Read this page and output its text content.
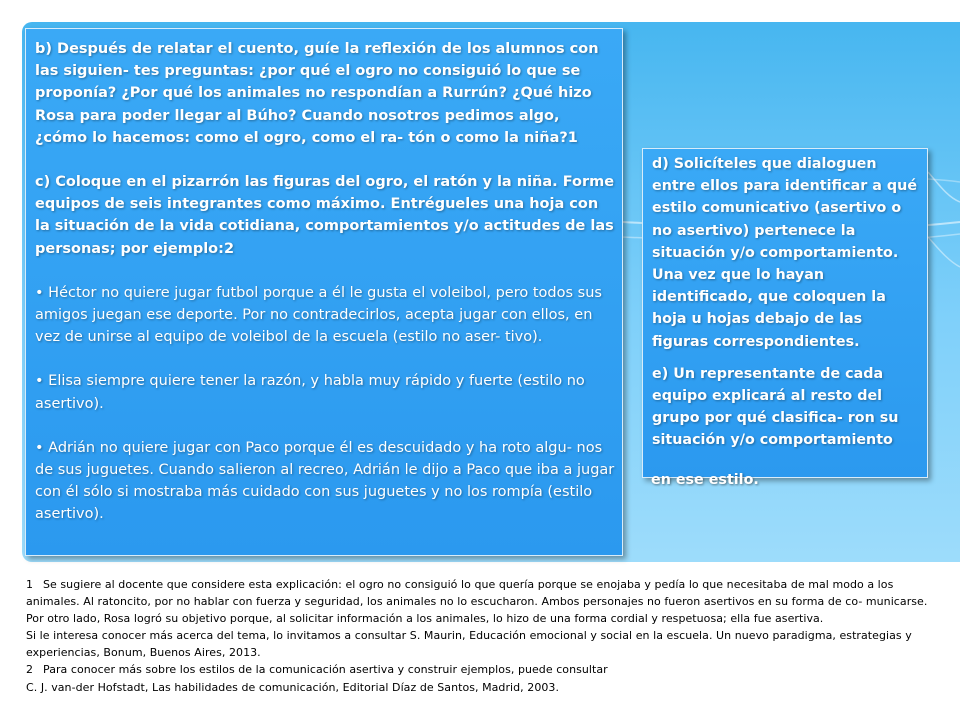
b) Después de relatar el cuento, guíe la reflexión de los alumnos con las siguien- tes preguntas: ¿por qué el ogro no consiguió lo que se proponía? ¿Por qué los animales no respondían a Rurrún? ¿Qué hizo Rosa para poder llegar al Búho? Cuando nosotros pedimos algo, ¿cómo lo hacemos: como el ogro, como el ra- tón o como la niña?1

c) Coloque en el pizarrón las figuras del ogro, el ratón y la niña. Forme equipos de seis integrantes como máximo. Entrégueles una hoja con la situación de la vida cotidiana, comportamientos y/o actitudes de las personas; por ejemplo:2

• Héctor no quiere jugar futbol porque a él le gusta el voleibol, pero todos sus amigos juegan ese deporte. Por no contradecirlos, acepta jugar con ellos, en vez de unirse al equipo de voleibol de la escuela (estilo no aser- tivo).

• Elisa siempre quiere tener la razón, y habla muy rápido y fuerte (estilo no asertivo).

• Adrián no quiere jugar con Paco porque él es descuidado y ha roto algu- nos de sus juguetes. Cuando salieron al recreo, Adrián le dijo a Paco que iba a jugar con él sólo si mostraba más cuidado con sus juguetes y no los rompía (estilo asertivo).

d) Solicíteles que dialoguen entre ellos para identificar a qué estilo comunicativo (asertivo o no asertivo) pertenece la situación y/o comportamiento. Una vez que lo hayan identificado, que coloquen la hoja u hojas debajo de las figuras correspondientes.

e) Un representante de cada equipo explicará al resto del grupo por qué clasifica- ron su situación y/o comportamiento

en ese estilo.

1 Se sugiere al docente que considere esta explicación: el ogro no consiguió lo que quería porque se enojaba y pedía lo que necesitaba de mal modo a los

animales. Al ratoncito, por no hablar con fuerza y seguridad, los animales no lo escucharon. Ambos personajes no fueron asertivos en su forma de co- municarse.

Por otro lado, Rosa logró su objetivo porque, al solicitar información a los animales, lo hizo de una forma cordial y respetuosa; ella fue asertiva.

Si le interesa conocer más acerca del tema, lo invitamos a consultar S. Maurin, Educación emocional y social en la escuela. Un nuevo paradigma, estrategias y

experiencias, Bonum, Buenos Aires, 2013.

2 Para conocer más sobre los estilos de la comunicación asertiva y construir ejemplos, puede consultar

C. J. van-der Hofstadt, Las habilidades de comunicación, Editorial Díaz de Santos, Madrid, 2003.
